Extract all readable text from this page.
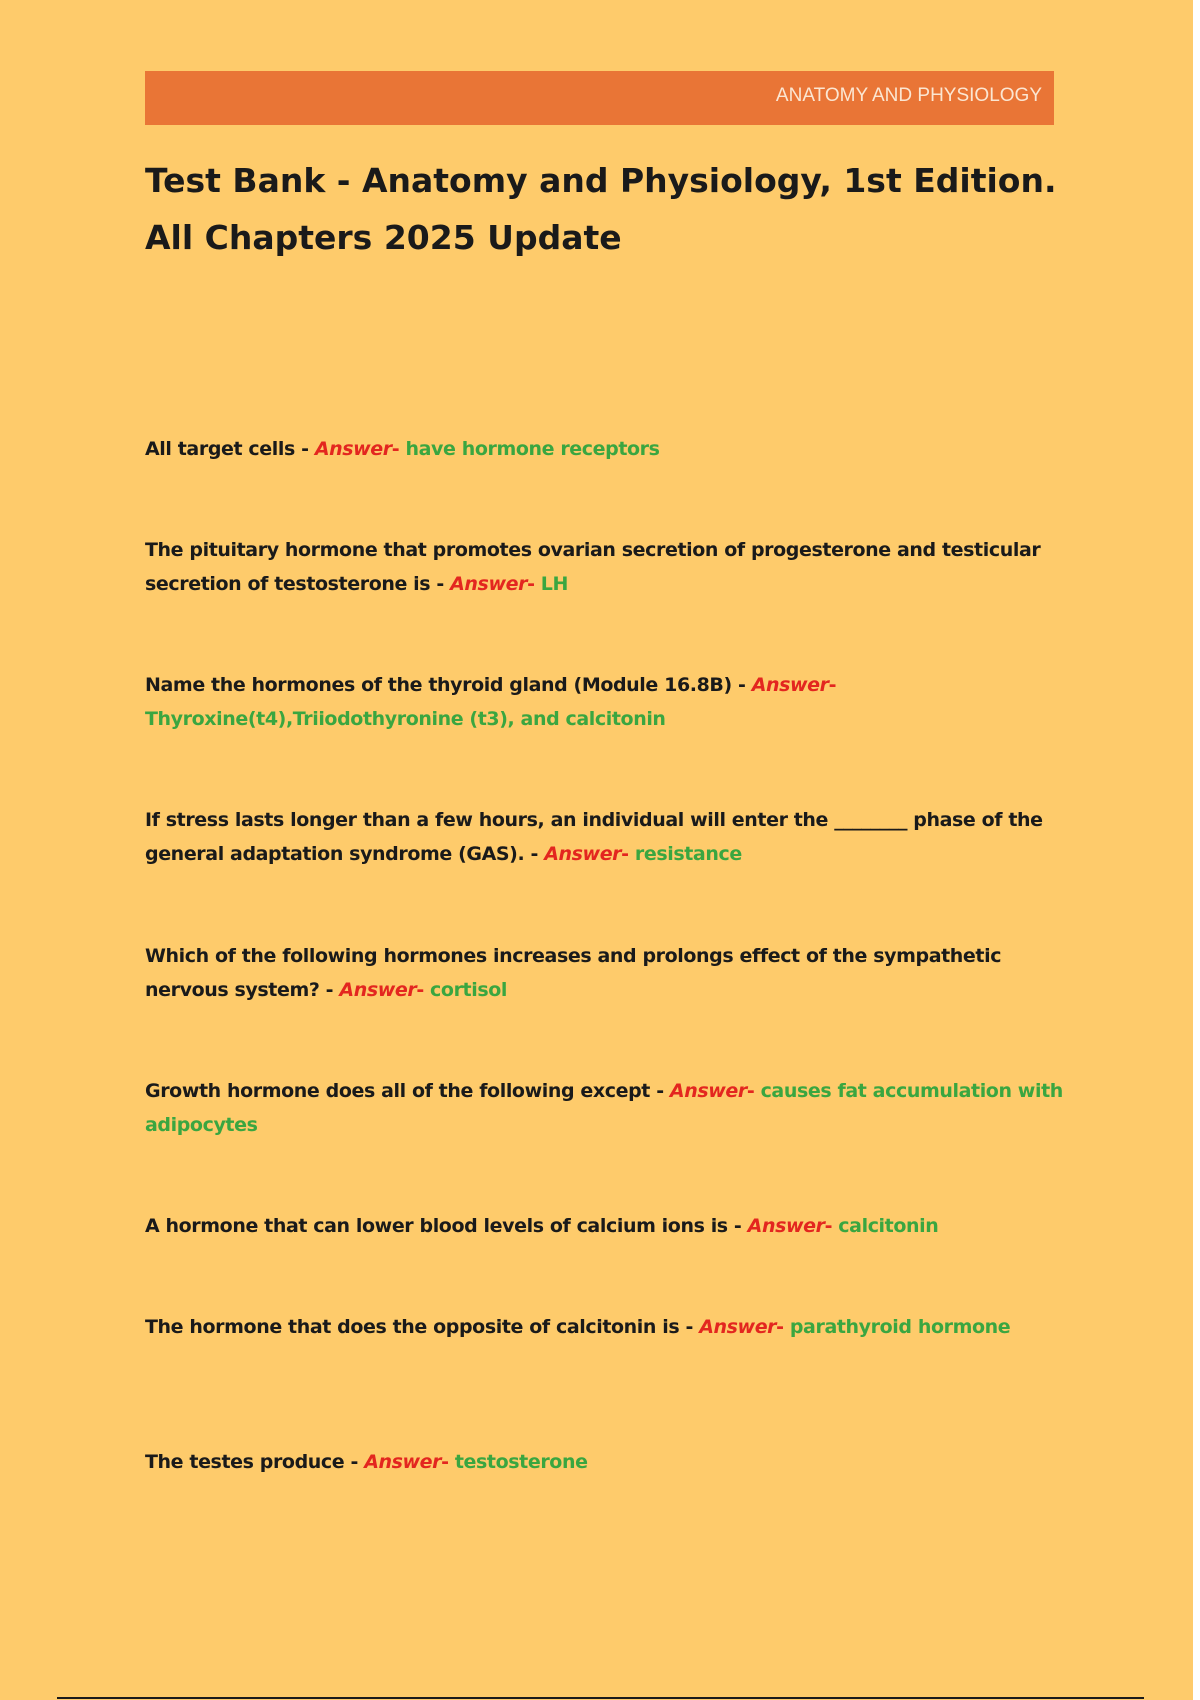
ANATOMY AND PHYSIOLOGY
Test Bank - Anatomy and Physiology, 1st Edition.
All Chapters 2025 Update

All target cells - Answer- have hormone receptors

The pituitary hormone that promotes ovarian secretion of progesterone and testicular secretion of testosterone is - Answer- LH

Name the hormones of the thyroid gland (Module 16.8B) - Answer- Thyroxine(t4),Triiodothyronine (t3), and calcitonin

If stress lasts longer than a few hours, an individual will enter the ________ phase of the general adaptation syndrome (GAS). - Answer- resistance

Which of the following hormones increases and prolongs effect of the sympathetic nervous system? - Answer- cortisol

Growth hormone does all of the following except - Answer- causes fat accumulation with adipocytes

A hormone that can lower blood levels of calcium ions is - Answer- calcitonin

The hormone that does the opposite of calcitonin is - Answer- parathyroid hormone

The testes produce - Answer- testosterone
